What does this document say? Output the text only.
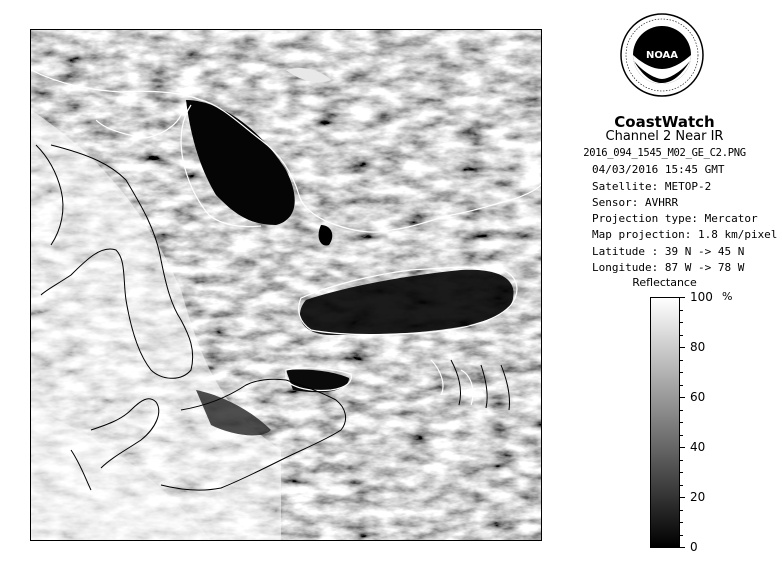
NOAA
CoastWatch
Channel 2 Near IR
2016_094_1545_M02_GE_C2.PNG
04/03/2016 15:45 GMT
Satellite: METOP-2
Sensor: AVHRR
Projection type: Mercator
Map projection: 1.8 km/pixel
Latitude : 39 N -> 45 N
Longitude: 87 W -> 78 W
Reflectance
%
100
80
60
40
20
0
